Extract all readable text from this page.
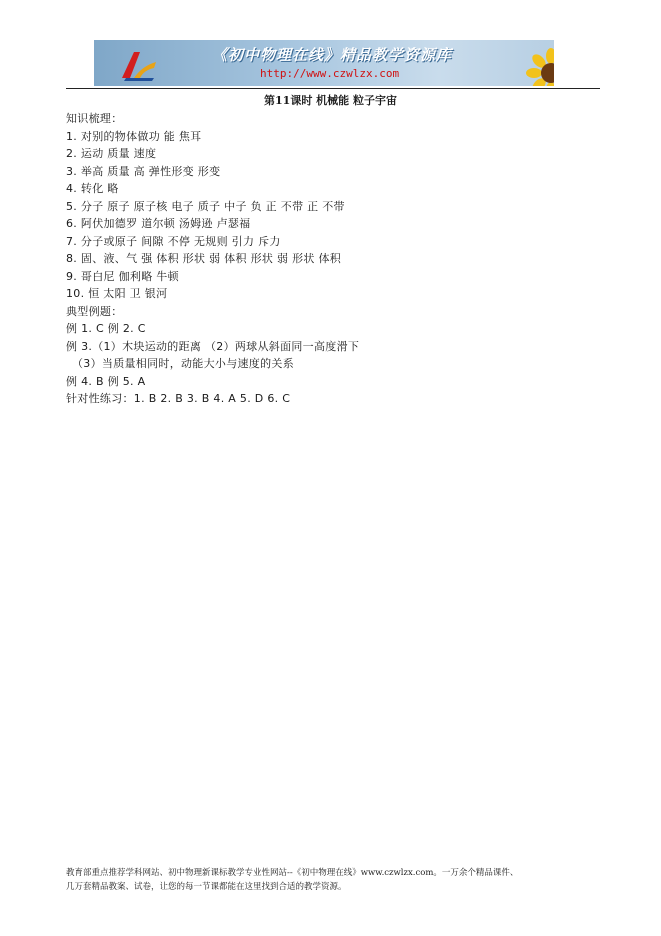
《初中物理在线》精品教学资源库
http://www.czwlzx.com
第11课时 机械能 粒子宇宙
知识梳理：
1. 对别的物体做功 能 焦耳
2. 运动 质量 速度
3. 举高 质量 高 弹性形变 形变
4. 转化 略
5. 分子 原子 原子核 电子 质子 中子 负 正 不带 正 不带
6. 阿伏加德罗 道尔顿 汤姆逊 卢瑟福
7. 分子或原子 间隙 不停 无规则 引力 斥力
8. 固、液、气 强 体积 形状 弱 体积 形状 弱 形状 体积
9. 哥白尼 伽利略 牛顿
10. 恒 太阳 卫 银河
典型例题：
例 1. C 例 2. C
例 3.（1）木块运动的距离 （2）两球从斜面同一高度滑下
（3）当质量相同时，动能大小与速度的关系
例 4. B 例 5. A
针对性练习：1. B 2. B 3. B 4. A 5. D 6. C
教育部重点推荐学科网站、初中物理新课标教学专业性网站--《初中物理在线》www.czwlzx.com。一万余个精品课件、
几万套精品教案、试卷，让您的每一节课都能在这里找到合适的教学资源。
